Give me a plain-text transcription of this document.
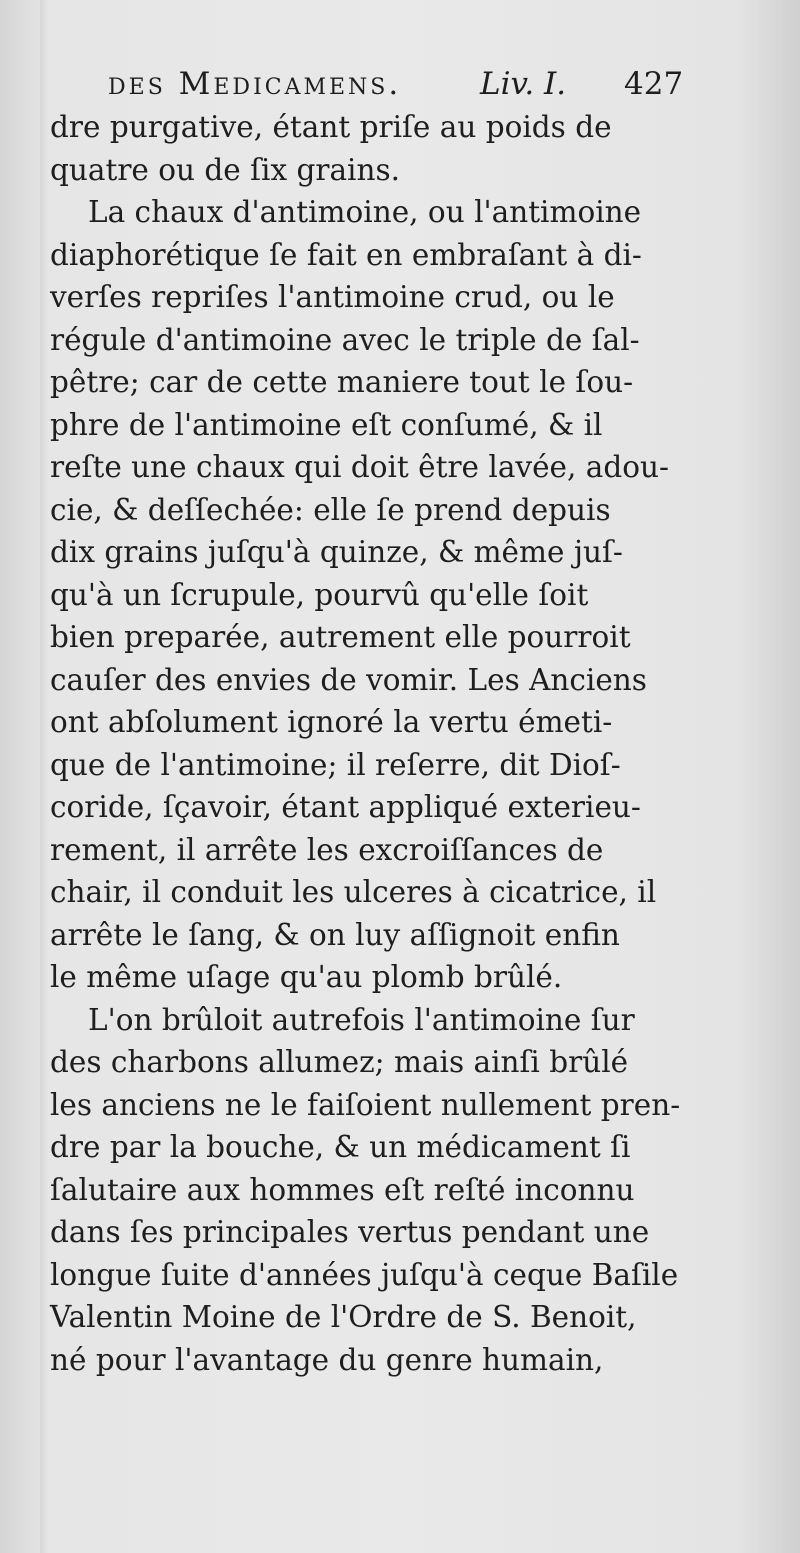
des Medicamens.	Liv. I. 427
dre purgative, étant priſe au poids de
quatre ou de ſix grains.
La chaux d'antimoine, ou l'antimoine
diaphorétique ſe fait en embraſant à di-
verſes repriſes l'antimoine crud, ou le
régule d'antimoine avec le triple de ſal-
pêtre; car de cette maniere tout le ſou-
phre de l'antimoine eſt conſumé, & il
reſte une chaux qui doit être lavée, adou-
cie, & deſſechée: elle ſe prend depuis
dix grains juſqu'à quinze, & même juſ-
qu'à un ſcrupule, pourvû qu'elle ſoit
bien preparée, autrement elle pourroit
cauſer des envies de vomir. Les Anciens
ont abſolument ignoré la vertu émeti-
que de l'antimoine; il reſerre, dit Dioſ-
coride, ſçavoir, étant appliqué exterieu-
rement, il arrête les excroiſſances de
chair, il conduit les ulceres à cicatrice, il
arrête le ſang, & on luy aſſignoit enfin
le même uſage qu'au plomb brûlé.
L'on brûloit autrefois l'antimoine ſur
des charbons allumez; mais ainſi brûlé
les anciens ne le faiſoient nullement pren-
dre par la bouche, & un médicament ſi
ſalutaire aux hommes eſt reſté inconnu
dans ſes principales vertus pendant une
longue ſuite d'années juſqu'à ceque Baſile
Valentin Moine de l'Ordre de S. Benoit,
né pour l'avantage du genre humain,
